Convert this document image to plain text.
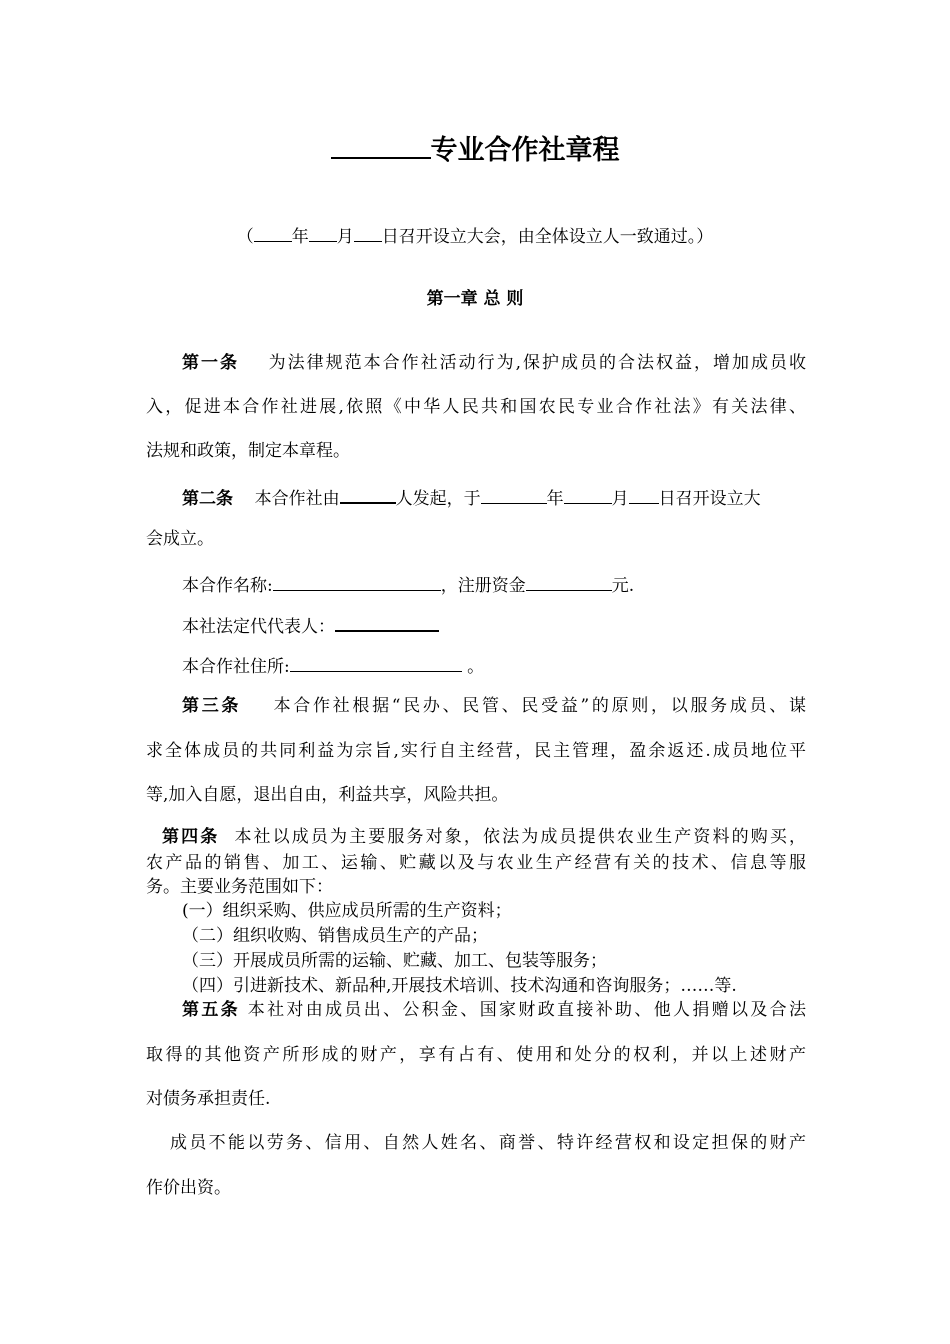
专业合作社章程
（ 年 月 日召开设立大会，由全体设立人一致通过。）
第一章 总 则
第一条 为法律规范本合作社活动行为,保护成员的合法权益，增加成员收
入，促进本合作社进展,依照《中华人民共和国农民专业合作社法》有关法律、
法规和政策，制定本章程。
第二条 本合作社由	人发起，于	年	月 日召开设立大
会成立。
本合作名称:	，注册资金	元.
本社法定代代表人：
本合作社住所:	。
第三条 本合作社根据“民办、民管、民受益”的原则，以服务成员、谋
求全体成员的共同利益为宗旨,实行自主经营，民主管理，盈余返还.成员地位平
等,加入自愿，退出自由，利益共享，风险共担。
第四条 本社以成员为主要服务对象，依法为成员提供农业生产资料的购买，
农产品的销售、加工、运输、贮藏以及与农业生产经营有关的技术、信息等服
务。主要业务范围如下：
(一）组织采购、供应成员所需的生产资料；
（二）组织收购、销售成员生产的产品；
（三）开展成员所需的运输、贮藏、加工、包装等服务；
（四）引进新技术、新品种,开展技术培训、技术沟通和咨询服务；……等.
第五条 本社对由成员出、公积金、国家财政直接补助、他人捐赠以及合法
取得的其他资产所形成的财产，享有占有、使用和处分的权利，并以上述财产
对债务承担责任.
成员不能以劳务、信用、自然人姓名、商誉、特许经营权和设定担保的财产
作价出资。
